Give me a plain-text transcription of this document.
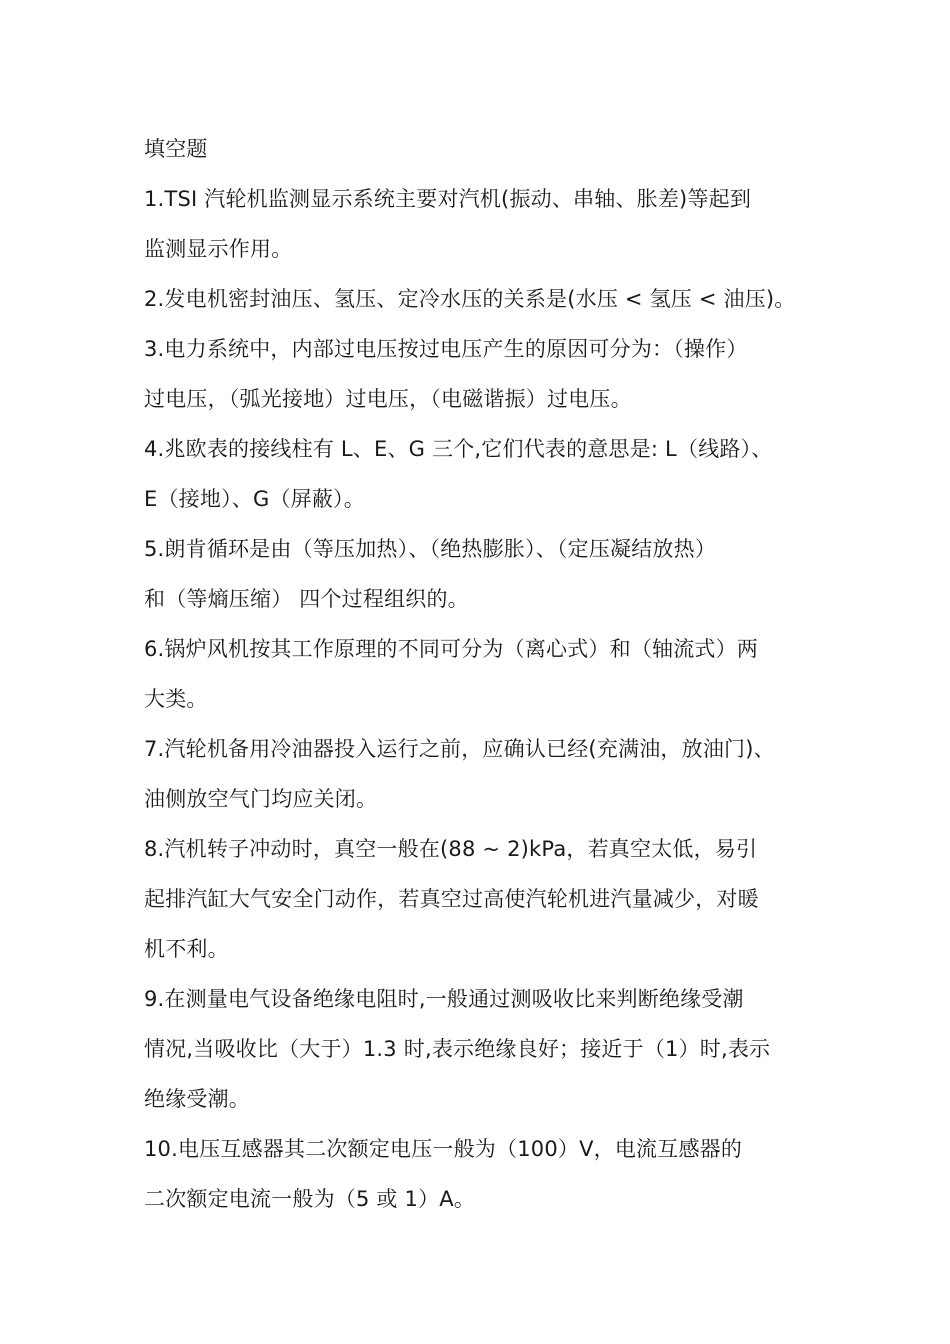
填空题
1.TSI 汽轮机监测显示系统主要对汽机(振动、串轴、胀差)等起到
监测显示作用。
2.发电机密封油压、氢压、定冷水压的关系是(水压 < 氢压 < 油压)。
3.电力系统中，内部过电压按过电压产生的原因可分为：（操作）
过电压，（弧光接地）过电压，（电磁谐振）过电压。
4.兆欧表的接线柱有 L、E、G 三个,它们代表的意思是: L（线路）、
E（接地）、G（屏蔽）。
5.朗肯循环是由（等压加热）、（绝热膨胀）、（定压凝结放热）
和（等熵压缩） 四个过程组织的。
6.锅炉风机按其工作原理的不同可分为（离心式）和（轴流式）两
大类。
7.汽轮机备用冷油器投入运行之前，应确认已经(充满油，放油门)、
油侧放空气门均应关闭。
8.汽机转子冲动时，真空一般在(88 ~ 2)kPa，若真空太低，易引
起排汽缸大气安全门动作，若真空过高使汽轮机进汽量减少，对暖
机不利。
9.在测量电气设备绝缘电阻时,一般通过测吸收比来判断绝缘受潮
情况,当吸收比（大于）1.3 时,表示绝缘良好；接近于（1）时,表示
绝缘受潮。
10.电压互感器其二次额定电压一般为（100）V，电流互感器的
二次额定电流一般为（5 或 1）A。
